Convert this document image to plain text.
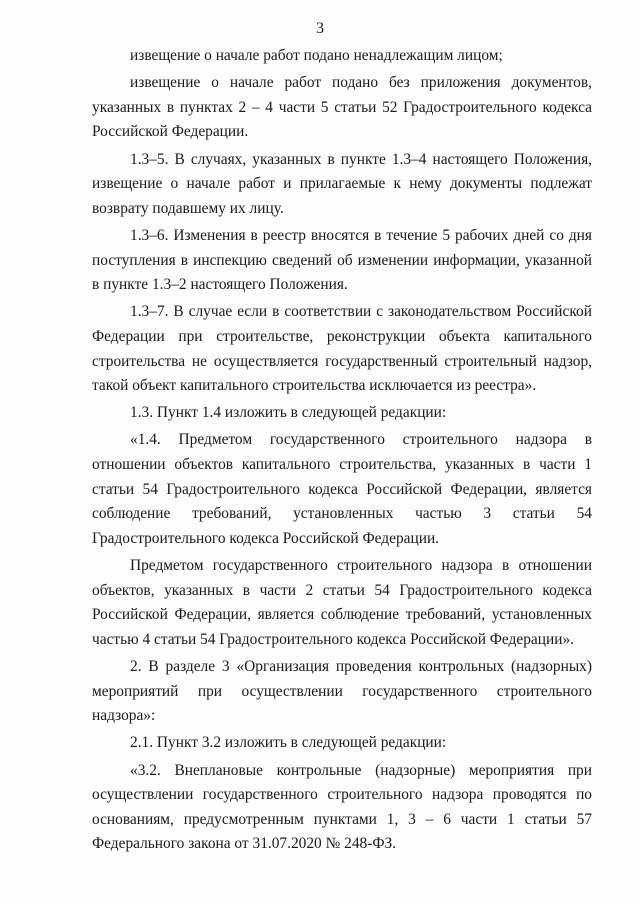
3

извещение о начале работ подано ненадлежащим лицом;

извещение о начале работ подано без приложения документов, указанных в пунктах 2 – 4 части 5 статьи 52 Градостроительного кодекса Российской Федерации.

1.3–5. В случаях, указанных в пункте 1.3–4 настоящего Положения, извещение о начале работ и прилагаемые к нему документы подлежат возврату подавшему их лицу.

1.3–6. Изменения в реестр вносятся в течение 5 рабочих дней со дня поступления в инспекцию сведений об изменении информации, указанной в пункте 1.3–2 настоящего Положения.

1.3–7. В случае если в соответствии с законодательством Российской Федерации при строительстве, реконструкции объекта капитального строительства не осуществляется государственный строительный надзор, такой объект капитального строительства исключается из реестра».

1.3. Пункт 1.4 изложить в следующей редакции:

«1.4. Предметом государственного строительного надзора в отношении объектов капитального строительства, указанных в части 1 статьи 54 Градостроительного кодекса Российской Федерации, является соблюдение требований, установленных частью 3 статьи 54 Градостроительного кодекса Российской Федерации.

Предметом государственного строительного надзора в отношении объектов, указанных в части 2 статьи 54 Градостроительного кодекса Российской Федерации, является соблюдение требований, установленных частью 4 статьи 54 Градостроительного кодекса Российской Федерации».

2. В разделе 3 «Организация проведения контрольных (надзорных) мероприятий при осуществлении государственного строительного надзора»:

2.1. Пункт 3.2 изложить в следующей редакции:

«3.2. Внеплановые контрольные (надзорные) мероприятия при осуществлении государственного строительного надзора проводятся по основаниям, предусмотренным пунктами 1, 3 – 6 части 1 статьи 57 Федерального закона от 31.07.2020 № 248-ФЗ.
